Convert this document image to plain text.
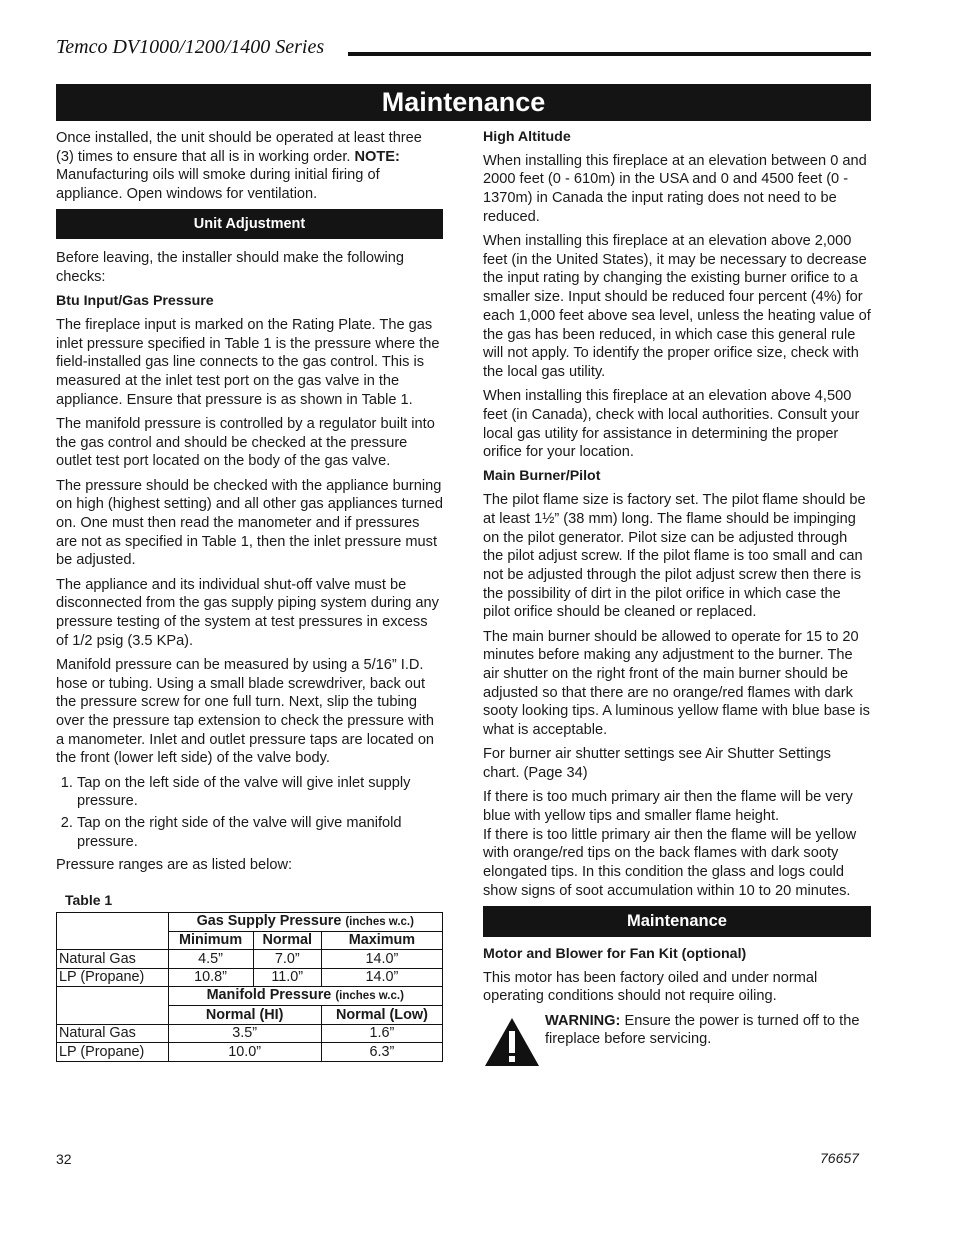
Temco DV1000/1200/1400 Series
Maintenance

Once installed, the unit should be operated at least three (3) times to ensure that all is in working order. NOTE: Manufacturing oils will smoke during initial firing of appliance. Open windows for ventilation.

Unit Adjustment

Before leaving, the installer should make the following checks:

Btu Input/Gas Pressure

The fireplace input is marked on the Rating Plate. The gas inlet pressure specified in Table 1 is the pressure where the field-installed gas line connects to the gas control. This is measured at the inlet test port on the gas valve in the appliance. Ensure that pressure is as shown in Table 1.

The manifold pressure is controlled by a regulator built into the gas control and should be checked at the pressure outlet test port located on the body of the gas valve.

The pressure should be checked with the appliance burning on high (highest setting) and all other gas appliances turned on. One must then read the manometer and if pressures are not as specified in Table 1, then the inlet pressure must be adjusted.

The appliance and its individual shut-off valve must be disconnected from the gas supply piping system during any pressure testing of the system at test pressures in excess of 1/2 psig (3.5 KPa).

Manifold pressure can be measured by using a 5/16” I.D. hose or tubing. Using a small blade screwdriver, back out the pressure screw for one full turn. Next, slip the tubing over the pressure tap extension to check the pressure with a manometer. Inlet and outlet pressure taps are located on the front (lower left side) of the valve body.

1. Tap on the left side of the valve will give inlet supply pressure.
2. Tap on the right side of the valve will give manifold pressure.

Pressure ranges are as listed below:

Table 1
	Gas Supply Pressure (inches w.c.)		
	Minimum	Normal	Maximum
Natural Gas	4.5”	7.0”	14.0”
LP (Propane)	10.8”	11.0”	14.0”
	Manifold Pressure (inches w.c.)		
	Normal (HI)		Normal (Low)
Natural Gas	3.5”		1.6”
LP (Propane)	10.0”		6.3”
High Altitude

When installing this fireplace at an elevation between 0 and 2000 feet (0 - 610m) in the USA and 0 and 4500 feet (0 - 1370m) in Canada the input rating does not need to be reduced.

When installing this fireplace at an elevation above 2,000 feet (in the United States), it may be necessary to decrease the input rating by changing the existing burner orifice to a smaller size. Input should be reduced four percent (4%) for each 1,000 feet above sea level, unless the heating value of the gas has been reduced, in which case this general rule will not apply. To identify the proper orifice size, check with the local gas utility.

When installing this fireplace at an elevation above 4,500 feet (in Canada), check with local authorities. Consult your local gas utility for assistance in determining the proper orifice for your location.

Main Burner/Pilot

The pilot flame size is factory set. The pilot flame should be at least 1½” (38 mm) long. The flame should be impinging on the pilot generator. Pilot size can be adjusted through the pilot adjust screw. If the pilot flame is too small and can not be adjusted through the pilot adjust screw then there is the possibility of dirt in the pilot orifice in which case the pilot orifice should be cleaned or replaced.

The main burner should be allowed to operate for 15 to 20 minutes before making any adjustment to the burner. The air shutter on the right front of the main burner should be adjusted so that there are no orange/red flames with dark sooty looking tips. A luminous yellow flame with blue base is what is acceptable.

For burner air shutter settings see Air Shutter Settings chart. (Page 34)

If there is too much primary air then the flame will be very blue with yellow tips and smaller flame height.
If there is too little primary air then the flame will be yellow with orange/red tips on the back flames with dark sooty elongated tips. In this condition the glass and logs could show signs of soot accumulation within 10 to 20 minutes.

Maintenance
Motor and Blower for Fan Kit (optional)

This motor has been factory oiled and under normal operating conditions should not require oiling.

WARNING: Ensure the power is turned off to the fireplace before servicing.
32	76657
